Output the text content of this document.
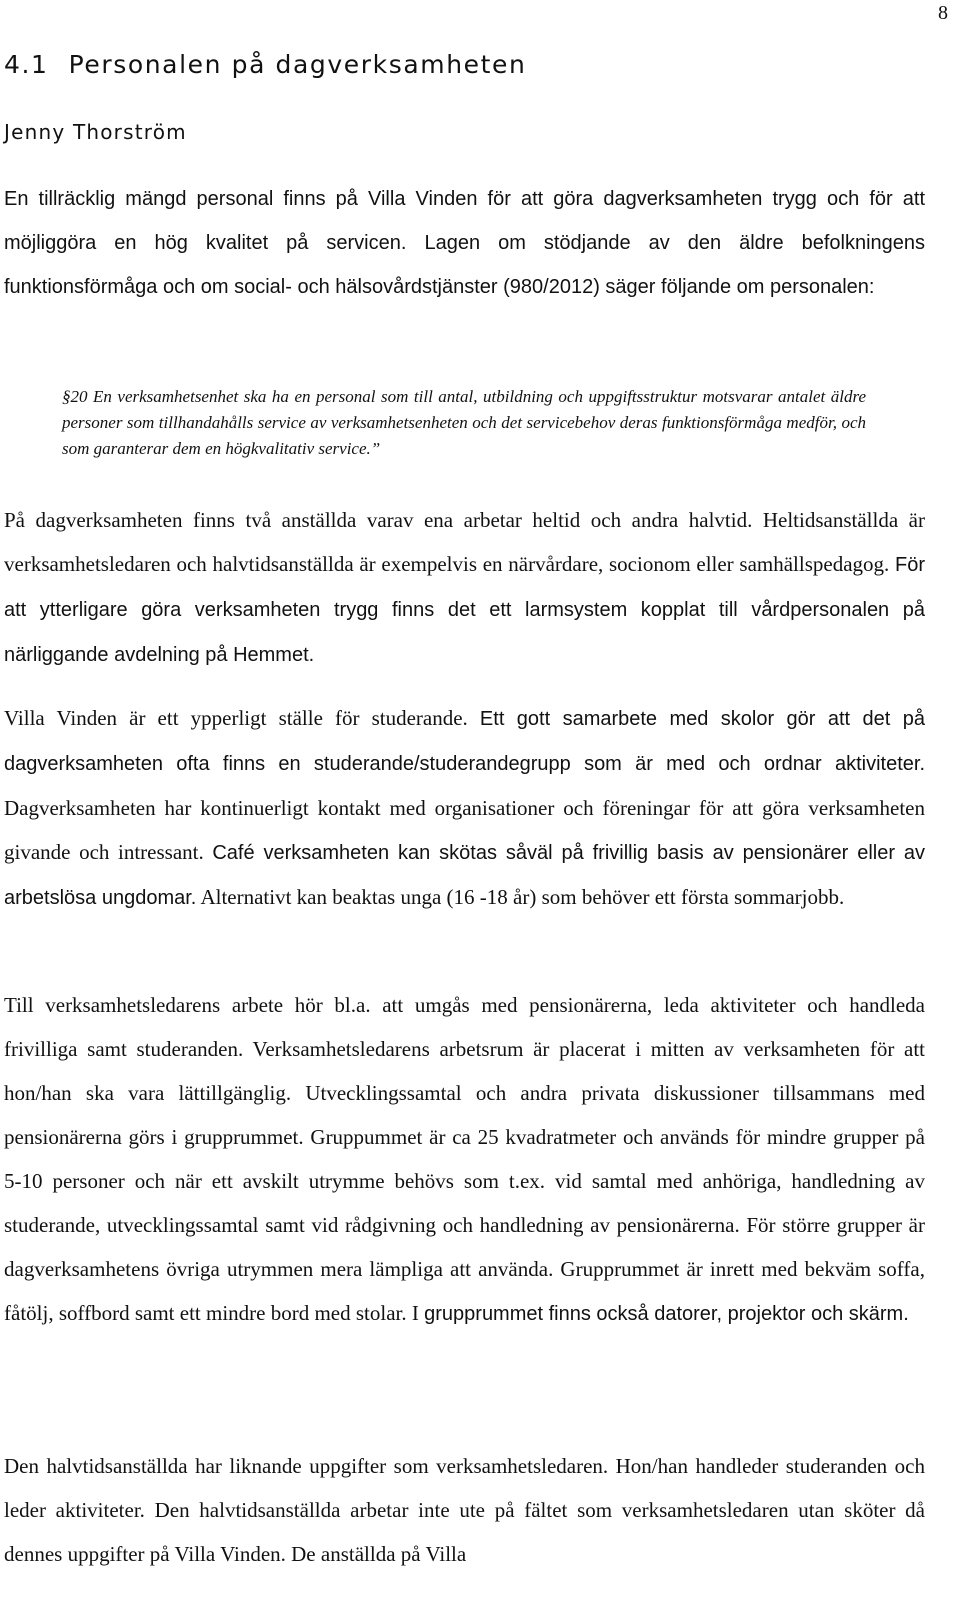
8
4.1 Personalen på dagverksamheten
Jenny Thorström

En tillräcklig mängd personal finns på Villa Vinden för att göra dagverksamheten trygg och för att möjliggöra en hög kvalitet på servicen. Lagen om stödjande av den äldre befolkningens funktionsförmåga och om social- och hälsovårdstjänster (980/2012) säger följande om personalen:

§20 En verksamhetsenhet ska ha en personal som till antal, utbildning och uppgiftsstruktur motsvarar antalet äldre personer som tillhandahålls service av verksamhetsenheten och det servicebehov deras funktionsförmåga medför, och som garanterar dem en högkvalitativ service.”

På dagverksamheten finns två anställda varav ena arbetar heltid och andra halvtid. Heltidsanställda är verksamhetsledaren och halvtidsanställda är exempelvis en närvårdare, socionom eller samhällspedagog. För att ytterligare göra verksamheten trygg finns det ett larmsystem kopplat till vårdpersonalen på närliggande avdelning på Hemmet.

Villa Vinden är ett ypperligt ställe för studerande. Ett gott samarbete med skolor gör att det på dagverksamheten ofta finns en studerande/studerandegrupp som är med och ordnar aktiviteter. Dagverksamheten har kontinuerligt kontakt med organisationer och föreningar för att göra verksamheten givande och intressant. Café verksamheten kan skötas såväl på frivillig basis av pensionärer eller av arbetslösa ungdomar. Alternativt kan beaktas unga (16 -18 år) som behöver ett första sommarjobb.

Till verksamhetsledarens arbete hör bl.a. att umgås med pensionärerna, leda aktiviteter och handleda frivilliga samt studeranden. Verksamhetsledarens arbetsrum är placerat i mitten av verksamheten för att hon/han ska vara lättillgänglig. Utvecklingssamtal och andra privata diskussioner tillsammans med pensionärerna görs i grupprummet. Gruppummet är ca 25 kvadratmeter och används för mindre grupper på 5-10 personer och när ett avskilt utrymme behövs som t.ex. vid samtal med anhöriga, handledning av studerande, utvecklingssamtal samt vid rådgivning och handledning av pensionärerna. För större grupper är dagverksamhetens övriga utrymmen mera lämpliga att använda. Grupprummet är inrett med bekväm soffa, fåtölj, soffbord samt ett mindre bord med stolar. I grupprummet finns också datorer, projektor och skärm.

Den halvtidsanställda har liknande uppgifter som verksamhetsledaren. Hon/han handleder studeranden och leder aktiviteter. Den halvtidsanställda arbetar inte ute på fältet som verksamhetsledaren utan sköter då dennes uppgifter på Villa Vinden. De anställda på Villa
